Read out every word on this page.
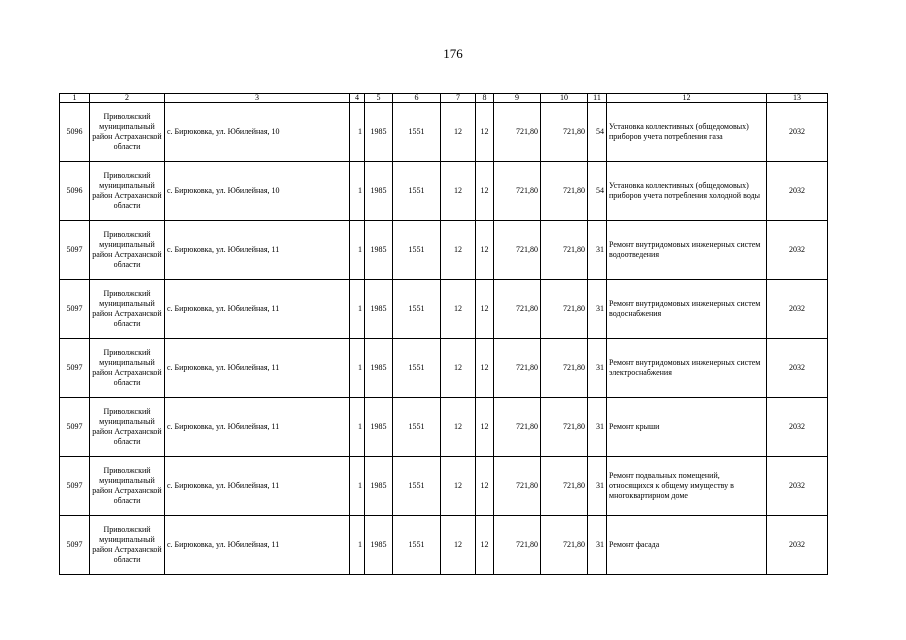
176
1	2	3	4	5	6	7	8	9	10	11	12	13
5096	Приволжский муниципальный район Астраханской области	с. Бирюковка, ул. Юбилейная, 10	1	1985	1551	12	12	721,80	721,80	54	Установка коллективных (общедомовых) приборов учета потребления газа	2032
5096	Приволжский муниципальный район Астраханской области	с. Бирюковка, ул. Юбилейная, 10	1	1985	1551	12	12	721,80	721,80	54	Установка коллективных (общедомовых) приборов учета потребления холодной воды	2032
5097	Приволжский муниципальный район Астраханской области	с. Бирюковка, ул. Юбилейная, 11	1	1985	1551	12	12	721,80	721,80	31	Ремонт внутридомовых инженерных систем водоотведения	2032
5097	Приволжский муниципальный район Астраханской области	с. Бирюковка, ул. Юбилейная, 11	1	1985	1551	12	12	721,80	721,80	31	Ремонт внутридомовых инженерных систем водоснабжения	2032
5097	Приволжский муниципальный район Астраханской области	с. Бирюковка, ул. Юбилейная, 11	1	1985	1551	12	12	721,80	721,80	31	Ремонт внутридомовых инженерных систем электроснабжения	2032
5097	Приволжский муниципальный район Астраханской области	с. Бирюковка, ул. Юбилейная, 11	1	1985	1551	12	12	721,80	721,80	31	Ремонт крыши	2032
5097	Приволжский муниципальный район Астраханской области	с. Бирюковка, ул. Юбилейная, 11	1	1985	1551	12	12	721,80	721,80	31	Ремонт подвальных помещений, относящихся к общему имуществу в многоквартирном доме	2032
5097	Приволжский муниципальный район Астраханской области	с. Бирюковка, ул. Юбилейная, 11	1	1985	1551	12	12	721,80	721,80	31	Ремонт фасада	2032
